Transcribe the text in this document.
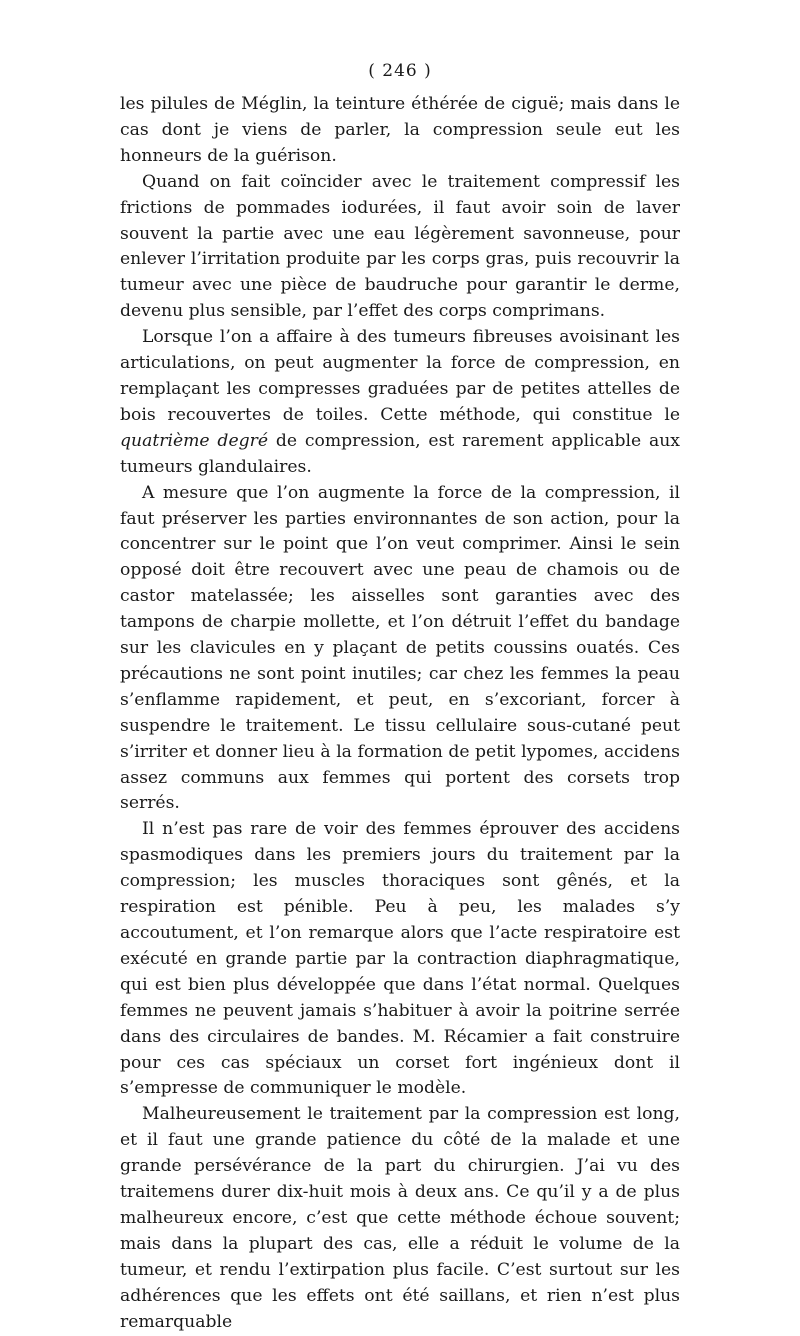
( 246 )

les pilules de Méglin, la teinture éthérée de ciguë; mais dans le cas dont je viens de parler, la compression seule eut les honneurs de la guérison.

Quand on fait coïncider avec le traitement compressif les frictions de pommades iodurées, il faut avoir soin de laver souvent la partie avec une eau légèrement savonneuse, pour enlever l’irritation produite par les corps gras, puis recouvrir la tumeur avec une pièce de baudruche pour garantir le derme, devenu plus sensible, par l’effet des corps comprimans.

Lorsque l’on a affaire à des tumeurs fibreuses avoisinant les articulations, on peut augmenter la force de compression, en remplaçant les compresses graduées par de petites attelles de bois recouvertes de toiles. Cette méthode, qui constitue le quatrième degré de compression, est rarement applicable aux tumeurs glandulaires.

A mesure que l’on augmente la force de la compression, il faut préserver les parties environnantes de son action, pour la concentrer sur le point que l’on veut comprimer. Ainsi le sein opposé doit être recouvert avec une peau de chamois ou de castor matelassée; les aisselles sont garanties avec des tampons de charpie mollette, et l’on détruit l’effet du bandage sur les clavicules en y plaçant de petits coussins ouatés. Ces précautions ne sont point inutiles; car chez les femmes la peau s’enflamme rapidement, et peut, en s’excoriant, forcer à suspendre le traitement. Le tissu cellulaire sous-cutané peut s’irriter et donner lieu à la formation de petit lypomes, accidens assez communs aux femmes qui portent des corsets trop serrés.

Il n’est pas rare de voir des femmes éprouver des accidens spasmodiques dans les premiers jours du traitement par la compression; les muscles thoraciques sont gênés, et la respiration est pénible. Peu à peu, les malades s’y accoutument, et l’on remarque alors que l’acte respiratoire est exécuté en grande partie par la contraction diaphragmatique, qui est bien plus développée que dans l’état normal. Quelques femmes ne peuvent jamais s’habituer à avoir la poitrine serrée dans des circulaires de bandes. M. Récamier a fait construire pour ces cas spéciaux un corset fort ingénieux dont il s’empresse de communiquer le modèle.

Malheureusement le traitement par la compression est long, et il faut une grande patience du côté de la malade et une grande persévérance de la part du chirurgien. J’ai vu des traitemens durer dix-huit mois à deux ans. Ce qu’il y a de plus malheureux encore, c’est que cette méthode échoue souvent; mais dans la plupart des cas, elle a réduit le volume de la tumeur, et rendu l’extirpation plus facile. C’est surtout sur les adhérences que les effets ont été saillans, et rien n’est plus remarquable
